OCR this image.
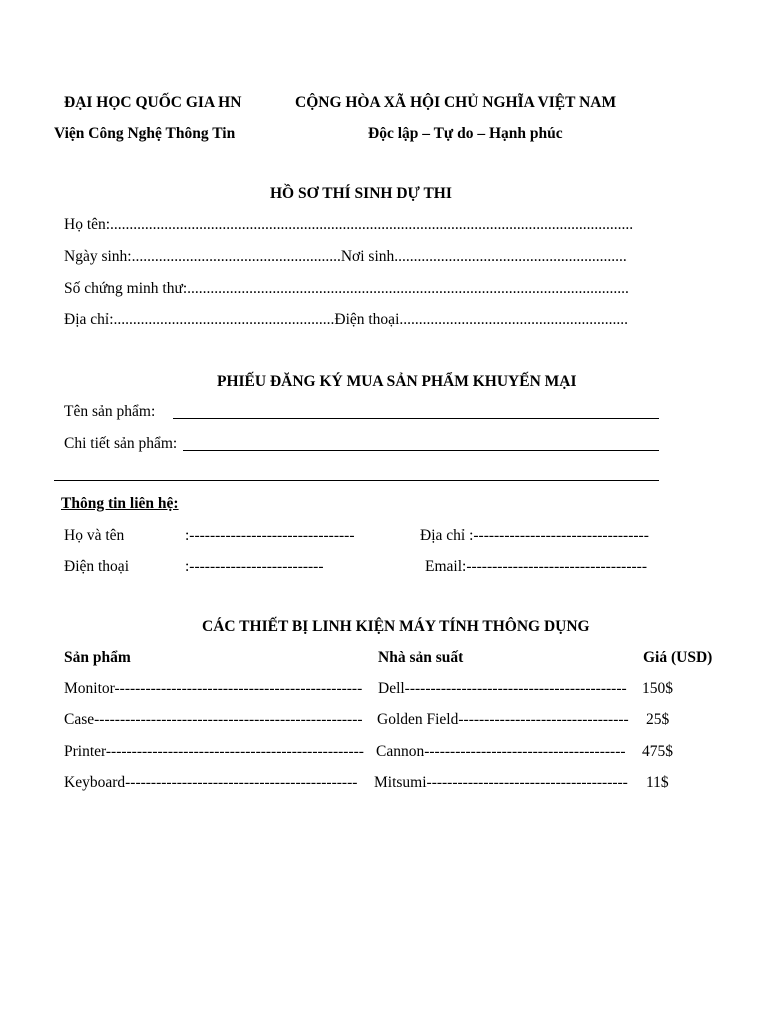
ĐẠI HỌC QUỐC GIA HN
Viện Công Nghệ Thông Tin
CỘNG HÒA XÃ HỘI CHỦ NGHĨA VIỆT NAM
Độc lập – Tự do – Hạnh phúc
HỒ SƠ THÍ SINH DỰ THI
Họ tên:.......................................................................................................................................
Ngày sinh:......................................................Nơi sinh............................................................
Số chứng minh thư:..................................................................................................................
Địa chỉ:.........................................................Điện thoại...........................................................
PHIẾU ĐĂNG KÝ MUA SẢN PHẨM KHUYẾN MẠI
Tên sản phẩm:
Chi tiết sản phẩm:
Thông tin liên hệ:
Họ và tên	:--------------------------------	Địa chỉ :----------------------------------
Điện thoại	:--------------------------	Email:-----------------------------------
CÁC THIẾT BỊ LINH KIỆN MÁY TÍNH THÔNG DỤNG
Sản phẩm	Nhà sản suất	Giá (USD)
Monitor------------------------------------------------ Dell------------------------------------------- 150$
Case---------------------------------------------------- Golden Field--------------------------------- 25$
Printer-------------------------------------------------- Cannon--------------------------------------- 475$
Keyboard--------------------------------------------- Mitsumi--------------------------------------- 11$
